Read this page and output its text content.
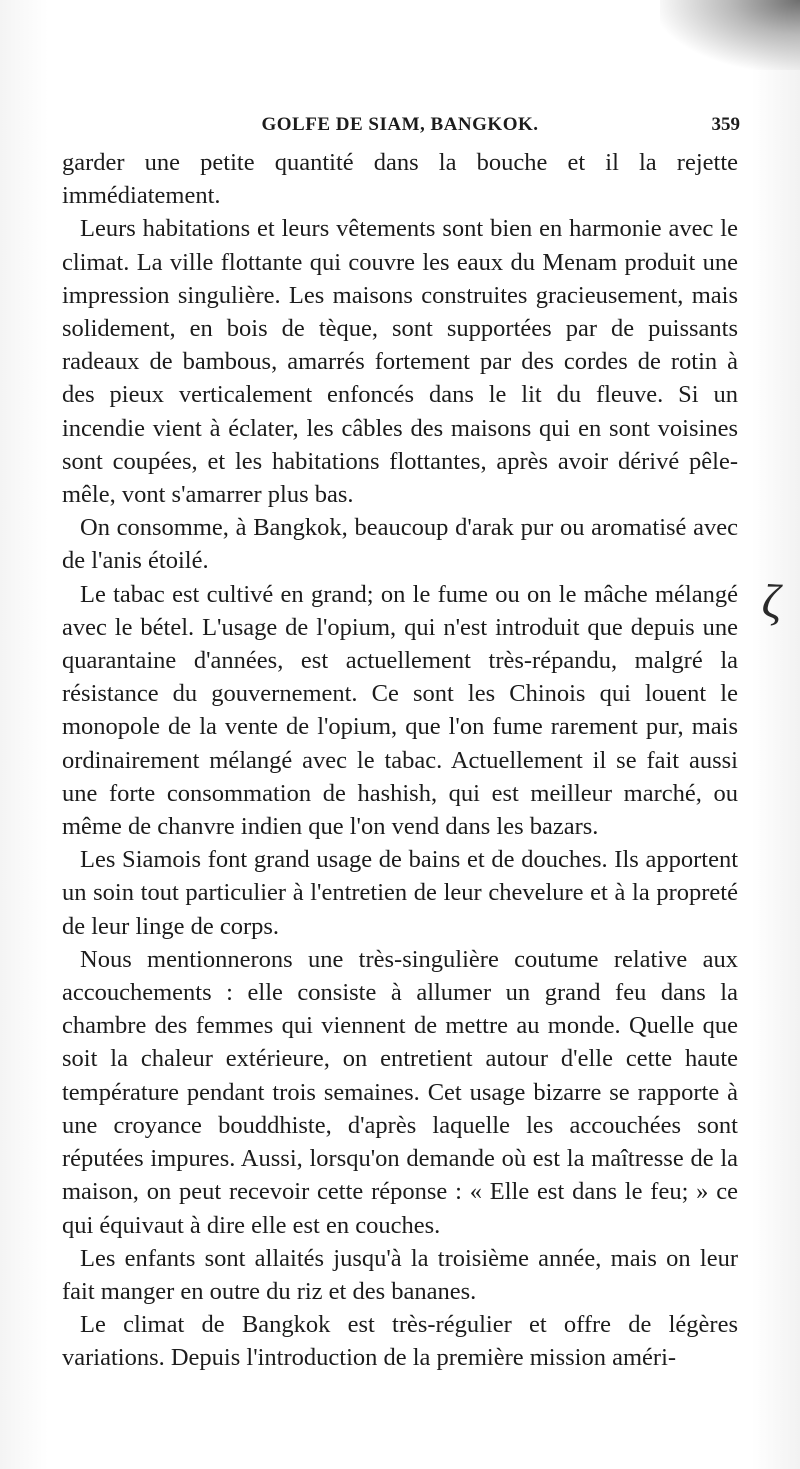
GOLFE DE SIAM, BANGKOK.	359

garder une petite quantité dans la bouche et il la rejette immédiatement.

Leurs habitations et leurs vêtements sont bien en harmonie avec le climat. La ville flottante qui couvre les eaux du Menam produit une impression singulière. Les maisons construites gracieusement, mais solidement, en bois de tèque, sont supportées par de puissants radeaux de bambous, amarrés fortement par des cordes de rotin à des pieux verticalement enfoncés dans le lit du fleuve. Si un incendie vient à éclater, les câbles des maisons qui en sont voisines sont coupées, et les habitations flottantes, après avoir dérivé pêle-mêle, vont s'amarrer plus bas.

On consomme, à Bangkok, beaucoup d'arak pur ou aromatisé avec de l'anis étoilé.

Le tabac est cultivé en grand; on le fume ou on le mâche mélangé avec le bétel. L'usage de l'opium, qui n'est introduit que depuis une quarantaine d'années, est actuellement très-répandu, malgré la résistance du gouvernement. Ce sont les Chinois qui louent le monopole de la vente de l'opium, que l'on fume rarement pur, mais ordinairement mélangé avec le tabac. Actuellement il se fait aussi une forte consommation de hashish, qui est meilleur marché, ou même de chanvre indien que l'on vend dans les bazars.

Les Siamois font grand usage de bains et de douches. Ils apportent un soin tout particulier à l'entretien de leur chevelure et à la propreté de leur linge de corps.

Nous mentionnerons une très-singulière coutume relative aux accouchements : elle consiste à allumer un grand feu dans la chambre des femmes qui viennent de mettre au monde. Quelle que soit la chaleur extérieure, on entretient autour d'elle cette haute température pendant trois semaines. Cet usage bizarre se rapporte à une croyance bouddhiste, d'après laquelle les accouchées sont réputées impures. Aussi, lorsqu'on demande où est la maîtresse de la maison, on peut recevoir cette réponse : « Elle est dans le feu; » ce qui équivaut à dire elle est en couches.

Les enfants sont allaités jusqu'à la troisième année, mais on leur fait manger en outre du riz et des bananes.

Le climat de Bangkok est très-régulier et offre de légères variations. Depuis l'introduction de la première mission améri-

ζ
